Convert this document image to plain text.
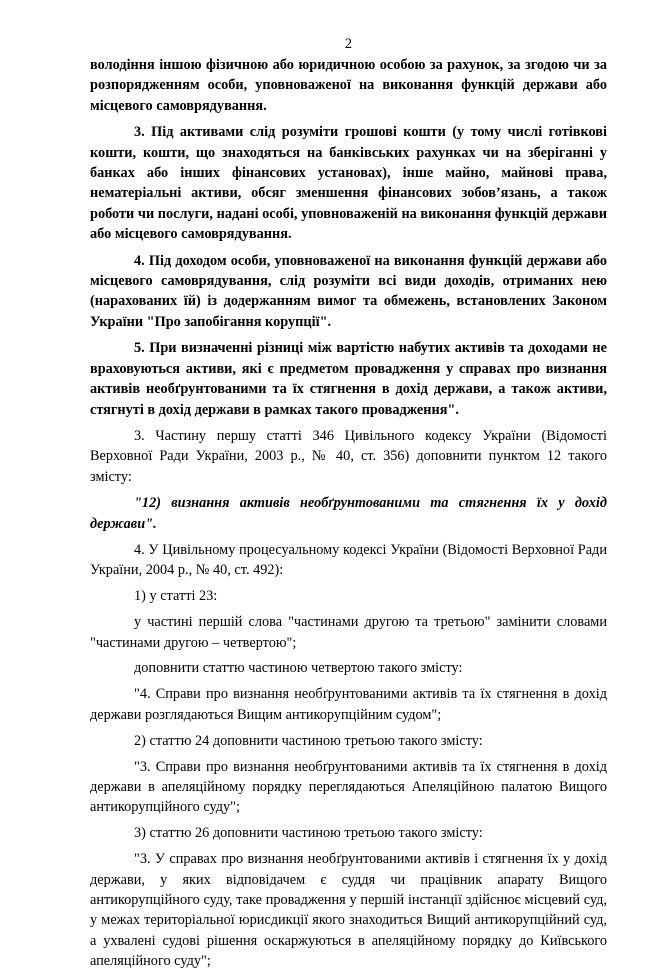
2

володіння іншою фізичною або юридичною особою за рахунок, за згодою чи за розпорядженням особи, уповноваженої на виконання функцій держави або місцевого самоврядування.

3. Під активами слід розуміти грошові кошти (у тому числі готівкові кошти, кошти, що знаходяться на банківських рахунках чи на зберіганні у банках або інших фінансових установах), інше майно, майнові права, нематеріальні активи, обсяг зменшення фінансових зобов’язань, а також роботи чи послуги, надані особі, уповноваженій на виконання функцій держави або місцевого самоврядування.

4. Під доходом особи, уповноваженої на виконання функцій держави або місцевого самоврядування, слід розуміти всі види доходів, отриманих нею (нарахованих їй) із додержанням вимог та обмежень, встановлених Законом України "Про запобігання корупції".

5. При визначенні різниці між вартістю набутих активів та доходами не враховуються активи, які є предметом провадження у справах про визнання активів необґрунтованими та їх стягнення в дохід держави, а також активи, стягнуті в дохід держави в рамках такого провадження".

3. Частину першу статті 346 Цивільного кодексу України (Відомості Верховної Ради України, 2003 р., № 40, ст. 356) доповнити пунктом 12 такого змісту:

"12) визнання активів необґрунтованими та стягнення їх у дохід держави".

4. У Цивільному процесуальному кодексі України (Відомості Верховної Ради України, 2004 р., № 40, ст. 492):

1) у статті 23:

у частині першій слова "частинами другою та третьою" замінити словами "частинами другою – четвертою";

доповнити статтю частиною четвертою такого змісту:

"4. Справи про визнання необґрунтованими активів та їх стягнення в дохід держави розглядаються Вищим антикорупційним судом";

2) статтю 24 доповнити частиною третьою такого змісту:

"3. Справи про визнання необґрунтованими активів та їх стягнення в дохід держави в апеляційному порядку переглядаються Апеляційною палатою Вищого антикорупційного суду";

3) статтю 26 доповнити частиною третьою такого змісту:

"3. У справах про визнання необґрунтованими активів і стягнення їх у дохід держави, у яких відповідачем є суддя чи працівник апарату Вищого антикорупційного суду, таке провадження у першій інстанції здійснює місцевий суд, у межах територіальної юрисдикції якого знаходиться Вищий антикорупційний суд, а ухвалені судові рішення оскаржуються в апеляційному порядку до Київського апеляційного суду";
